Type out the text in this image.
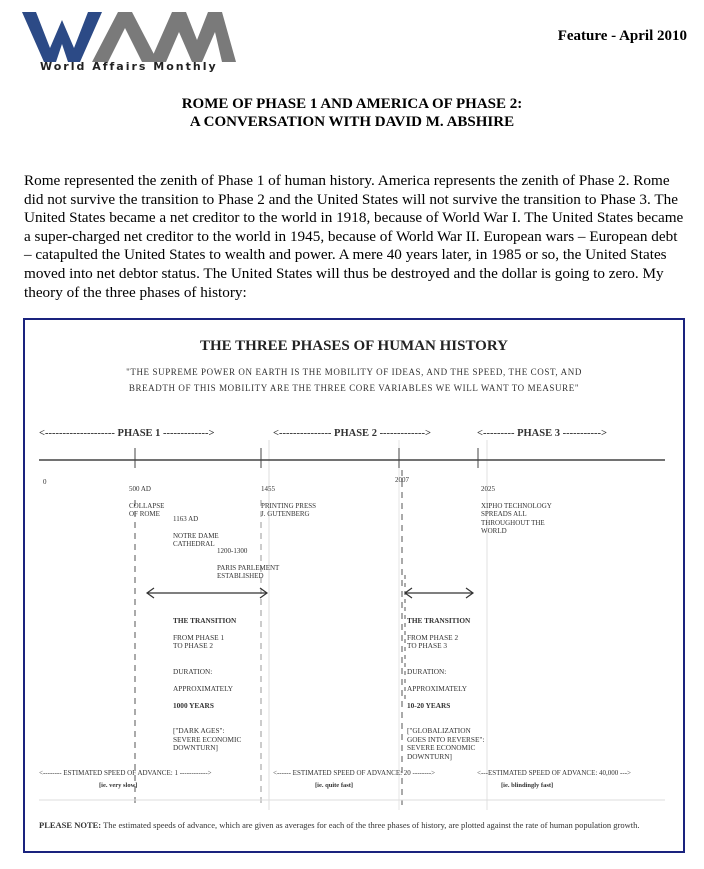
World Affairs Monthly
Feature - April 2010
ROME OF PHASE 1 AND AMERICA OF PHASE 2:
A CONVERSATION WITH DAVID M. ABSHIRE
Rome represented the zenith of Phase 1 of human history. America represents the zenith of Phase 2. Rome did not survive the transition to Phase 2 and the United States will not survive the transition to Phase 3. The United States became a net creditor to the world in 1918, because of World War I. The United States became a super-charged net creditor to the world in 1945, because of World War II. European wars – European debt – catapulted the United States to wealth and power. A mere 40 years later, in 1985 or so, the United States moved into net debtor status. The United States will thus be destroyed and the dollar is going to zero. My theory of the three phases of history:
THE THREE PHASES OF HUMAN HISTORY
"THE SUPREME POWER ON EARTH IS THE MOBILITY OF IDEAS, AND THE SPEED, THE COST, AND
BREADTH OF THIS MOBILITY ARE THE THREE CORE VARIABLES WE WILL WANT TO MEASURE"
<-------------------- PHASE 1 ------------->	<--------------- PHASE 2 ------------->	<--------- PHASE 3 ----------->
0

500 AD

COLLAPSE
OF ROME

1163 AD

NOTRE DAME
CATHEDRAL

1200-1300

PARIS PARLEMENT
ESTABLISHED

1455

PRINTING PRESS
J. GUTENBERG

2007

2025

XIPHO TECHNOLOGY
SPREADS ALL
THROUGHOUT THE
WORLD

THE TRANSITION

FROM PHASE 1
TO PHASE 2

DURATION:

APPROXIMATELY

1000 YEARS

["DARK AGES":
SEVERE ECONOMIC
DOWNTURN]

THE TRANSITION

FROM PHASE 2
TO PHASE 3

DURATION:

APPROXIMATELY

10-20 YEARS

["GLOBALIZATION
GOES INTO REVERSE":
SEVERE ECONOMIC
DOWNTURN]

<-------- ESTIMATED SPEED OF ADVANCE: 1 ------------>
[ie. very slow]
<------ ESTIMATED SPEED OF ADVANCE: 20 -------->
[ie. quite fast]
<---ESTIMATED SPEED OF ADVANCE: 40,000 --->
[ie. blindingly fast]
PLEASE NOTE: The estimated speeds of advance, which are given as averages for each of the three phases of history, are plotted against the rate of human population growth.
